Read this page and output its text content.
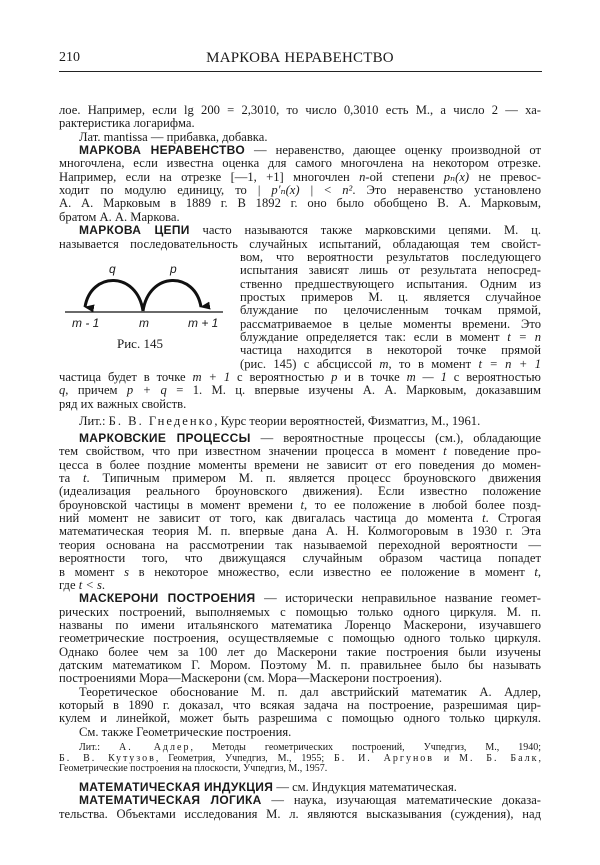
210	МАРКОВА НЕРАВЕНСТВО
лое. Например, если lg 200 = 2,3010, то число 0,3010 есть М., а число 2 — ха-
рактеристика логарифма.
Лат. mantissa — прибавка, добавка.
МАРКОВА НЕРАВЕНСТВО — неравенство, дающее оценку производной от
многочлена, если известна оценка для самого многочлена на некотором отрезке.
Например, если на отрезке [—1, +1] многочлен n-ой степени pₙ(x) не превос-
ходит по модулю единицу, то | p′ₙ(x) | < n². Это неравенство установлено
А. А. Марковым в 1889 г. В 1892 г. оно было обобщено В. А. Марковым,
братом А. А. Маркова.
МАРКОВА ЦЕПИ часто называются также марковскими цепями. М. ц.
называется последовательность случайных испытаний, обладающая тем свойст-
вом, что вероятности результатов последующего
испытания зависят лишь от результата непосред-
ственно предшествующего испытания. Одним из
простых примеров М. ц. является случайное
блуждание по целочисленным точкам прямой,
рассматриваемое в целые моменты времени. Это
блуждание определяется так: если в момент t = n
частица находится в некоторой точке прямой
(рис. 145) с абсциссой m, то в момент t = n + 1
частица будет в точке m + 1 с вероятностью p и в точке m — 1 с вероятностью
q, причем p + q = 1. М. ц. впервые изучены А. А. Марковым, доказавшим
ряд их важных свойств.
Лит.: Б. В. Гнеденко, Курс теории вероятностей, Физматгиз, М., 1961.
МАРКОВСКИЕ ПРОЦЕССЫ — вероятностные процессы (см.), обладающие
тем свойством, что при известном значении процесса в момент t поведение про-
цесса в более поздние моменты времени не зависит от его поведения до момен-
та t. Типичным примером М. п. является процесс броуновского движения
(идеализация реального броуновского движения). Если известно положение
броуновской частицы в момент времени t, то ее положение в любой более позд-
ний момент не зависит от того, как двигалась частица до момента t. Строгая
математическая теория М. п. впервые дана А. Н. Колмогоровым в 1930 г. Эта
теория основана на рассмотрении так называемой переходной вероятности —
вероятности того, что движущаяся случайным образом частица попадет
в момент s в некоторое множество, если известно ее положение в момент t,
где t < s.
МАСКЕРОНИ ПОСТРОЕНИЯ — исторически неправильное название геомет-
рических построений, выполняемых с помощью только одного циркуля. М. п.
названы по имени итальянского математика Лоренцо Маскерони, изучавшего
геометрические построения, осуществляемые с помощью одного только циркуля.
Однако более чем за 100 лет до Маскерони такие построения были изучены
датским математиком Г. Мором. Поэтому М. п. правильнее было бы называть
построениями Мора—Маскерони (см. Мора—Маскерони построения).
Теоретическое обоснование М. п. дал австрийский математик А. Адлер,
который в 1890 г. доказал, что всякая задача на построение, разрешимая цир-
кулем и линейкой, может быть разрешима с помощью одного только циркуля.
См. также Геометрические построения.
Лит.: А. Адлер, Методы геометрических построений, Учпедгиз, М., 1940;
Б. В. Кутузов, Геометрия, Учпедгиз, М., 1955; Б. И. Аргунов и М. Б. Балк,
Геометрические построения на плоскости, Учпедгиз, М., 1957.
МАТЕМАТИЧЕСКАЯ ИНДУКЦИЯ — см. Индукция математическая.
МАТЕМАТИЧЕСКАЯ ЛОГИКА — наука, изучающая математические доказа-
тельства. Объектами исследования М. л. являются высказывания (суждения), над
q	p
m - 1	m	m + 1
Рис. 145
